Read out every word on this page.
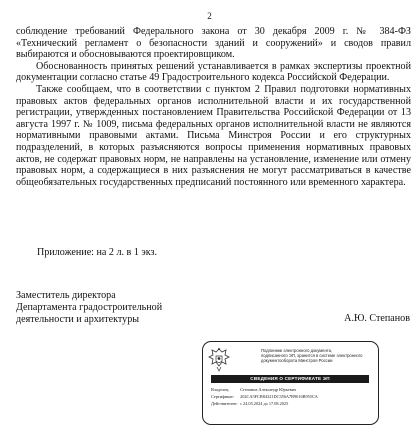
2

соблюдение требований Федерального закона от 30 декабря 2009 г. № 384-ФЗ «Технический регламент о безопасности зданий и сооружений» и сводов правил выбираются и обосновываются проектировщиком.

Обоснованность принятых решений устанавливается в рамках экспертизы проектной документации согласно статье 49 Градостроительного кодекса Российской Федерации.

Также сообщаем, что в соответствии с пунктом 2 Правил подготовки нормативных правовых актов федеральных органов исполнительной власти и их государственной регистрации, утвержденных постановлением Правительства Российской Федерации от 13 августа 1997 г. № 1009, письма федеральных органов исполнительной власти не являются нормативными правовыми актами. Письма Минстроя России и его структурных подразделений, в которых разъясняются вопросы применения нормативных правовых актов, не содержат правовых норм, не направлены на установление, изменение или отмену правовых норм, а содержащиеся в них разъяснения не могут рассматриваться в качестве общеобязательных государственных предписаний постоянного или временного характера.

Приложение: на 2 л. в 1 экз.
Заместитель директора
Департамента градостроительной
деятельности и архитектуры	А.Ю. Степанов
Подлинник электронного документа,
подписанного ЭП, хранится в системе электронного
документооборота Минстроя России
СВЕДЕНИЯ О СЕРТИФИКАТЕ ЭП
Владелец: Степанов Александр Юрьевич
Сертификат: 202CA5FCB84321DC356A7B9016B955CA
Действителен: с 24.05.2024 до 17.08.2025
